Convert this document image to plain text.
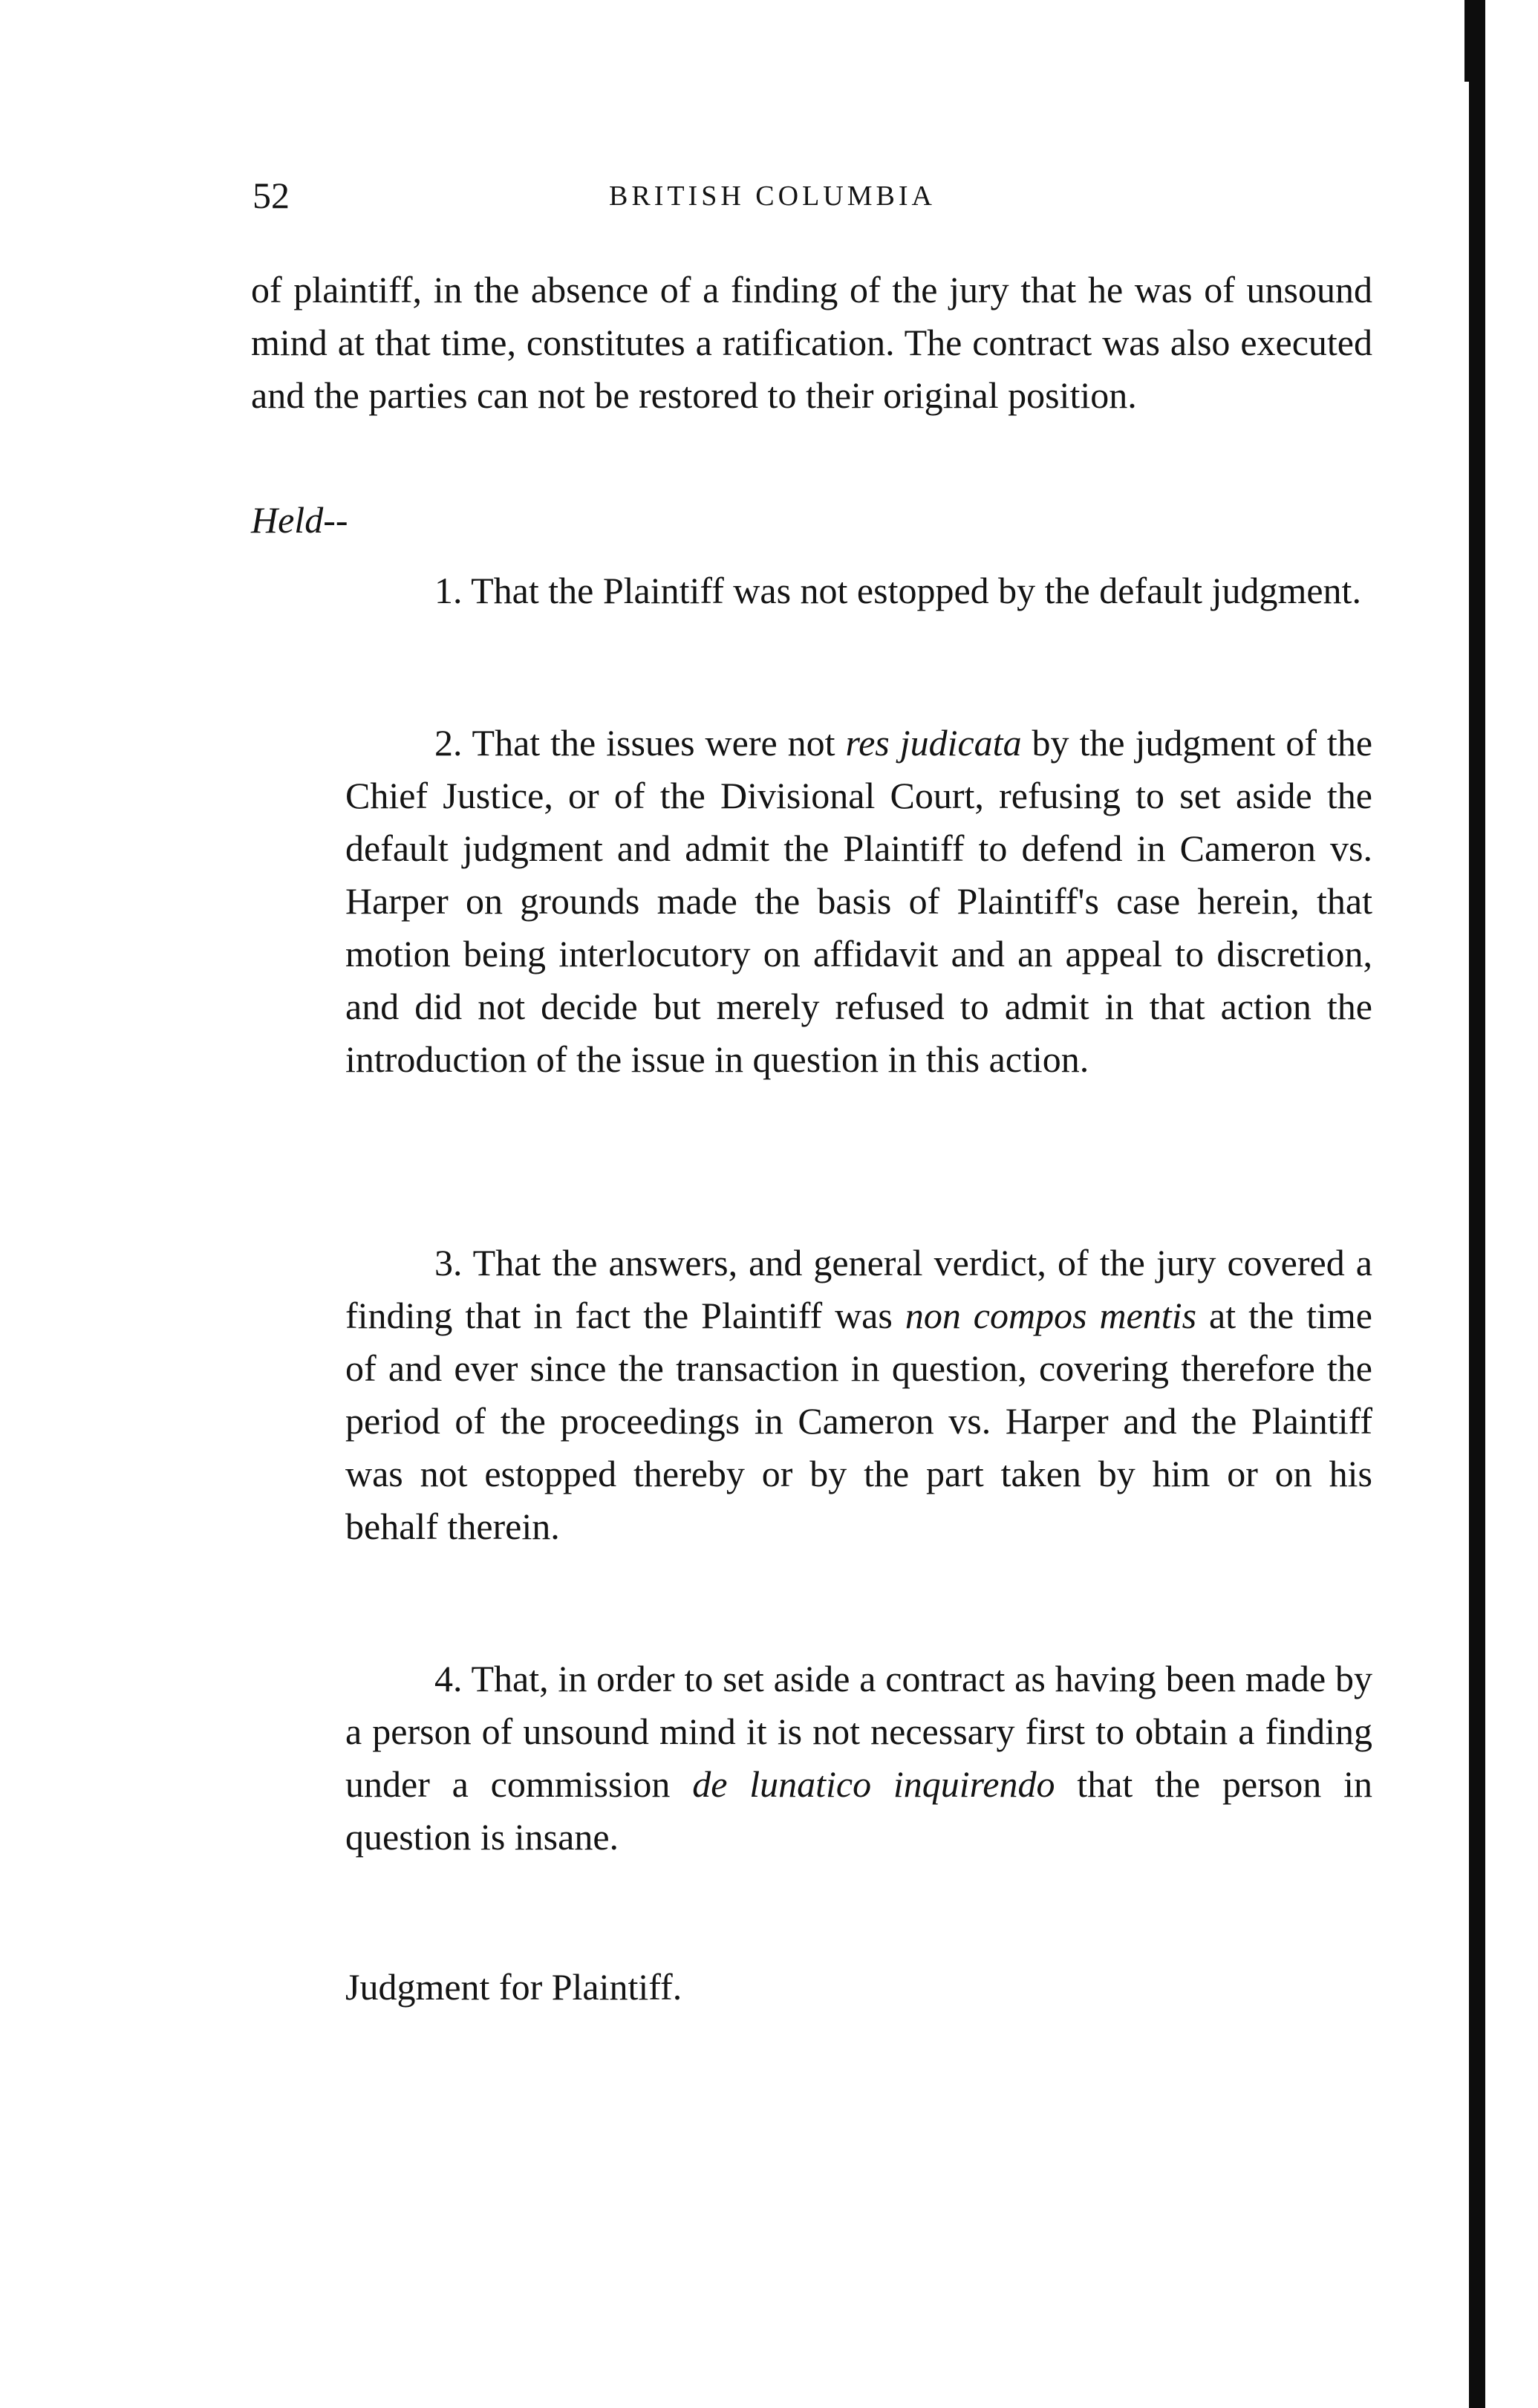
52	BRITISH COLUMBIA

of plaintiff, in the absence of a finding of the jury that he was of unsound mind at that time, constitutes a ratification. The contract was also executed and the parties can not be restored to their original position.

Held--

1. That the Plaintiff was not estopped by the default judgment.

2. That the issues were not res judicata by the judgment of the Chief Justice, or of the Divisional Court, refusing to set aside the default judgment and admit the Plaintiff to defend in Cameron vs. Harper on grounds made the basis of Plaintiff's case herein, that motion being interlocutory on affidavit and an appeal to discretion, and did not decide but merely refused to admit in that action the introduction of the issue in question in this action.

3. That the answers, and general verdict, of the jury covered a finding that in fact the Plaintiff was non compos mentis at the time of and ever since the transaction in question, covering therefore the period of the proceedings in Cameron vs. Harper and the Plaintiff was not estopped thereby or by the part taken by him or on his behalf therein.

4. That, in order to set aside a contract as having been made by a person of unsound mind it is not necessary first to obtain a finding under a commission de lunatico inquirendo that the person in question is insane.

Judgment for Plaintiff.
